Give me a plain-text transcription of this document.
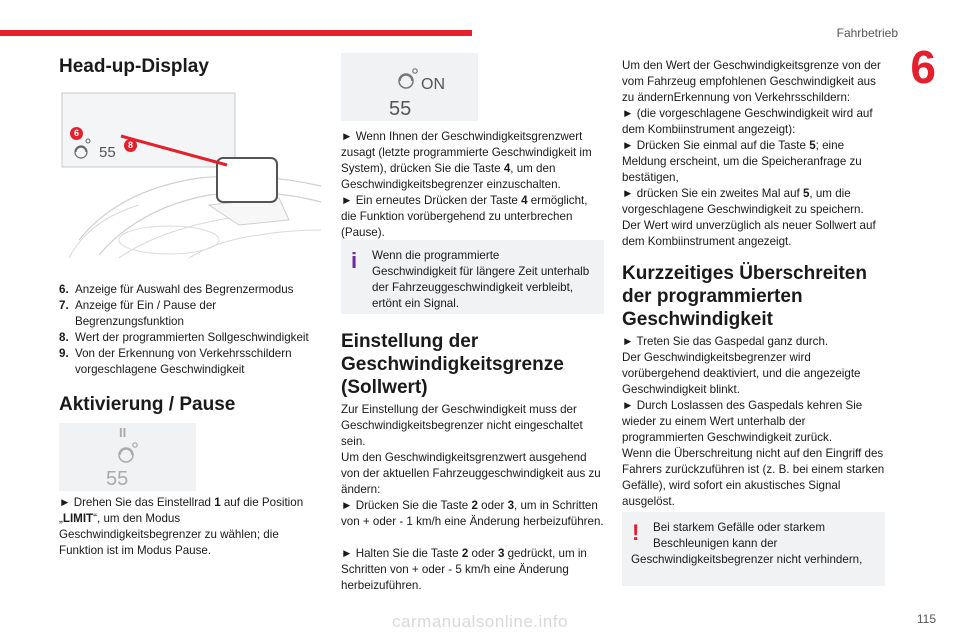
Fahrbetrieb
6
Head-up-Display
55
6
8
6. Anzeige für Auswahl des Begrenzermodus
7. Anzeige für Ein / Pause der Begrenzungsfunktion
8. Wert der programmierten Sollgeschwindigkeit
9. Von der Erkennung von Verkehrsschildern vorgeschlagene Geschwindigkeit
Aktivierung / Pause
II
55

► Drehen Sie das Einstellrad 1 auf die Position „LIMIT“, um den Modus Geschwindigkeitsbegrenzer zu wählen; die Funktion ist im Modus Pause.

ON
55

► Wenn Ihnen der Geschwindigkeitsgrenzwert zusagt (letzte programmierte Geschwindigkeit im System), drücken Sie die Taste 4, um den Geschwindigkeitsbegrenzer einzuschalten.

► Ein erneutes Drücken der Taste 4 ermöglicht, die Funktion vorübergehend zu unterbrechen (Pause).

i	Wenn die programmierte
Geschwindigkeit für längere Zeit unterhalb der Fahrzeuggeschwindigkeit verbleibt, ertönt ein Signal.
Einstellung der Geschwindigkeitsgrenze (Sollwert)

Zur Einstellung der Geschwindigkeit muss der Geschwindigkeitsbegrenzer nicht eingeschaltet sein.

Um den Geschwindigkeitsgrenzwert ausgehend von der aktuellen Fahrzeuggeschwindigkeit aus zu ändern:

► Drücken Sie die Taste 2 oder 3, um in Schritten von + oder - 1 km/h eine Änderung herbeizuführen.

► Halten Sie die Taste 2 oder 3 gedrückt, um in Schritten von + oder - 5 km/h eine Änderung herbeizuführen.

Um den Wert der Geschwindigkeitsgrenze von der vom Fahrzeug empfohlenen Geschwindigkeit aus zu ändernErkennung von Verkehrsschildern:

► (die vorgeschlagene Geschwindigkeit wird auf dem Kombiinstrument angezeigt):

► Drücken Sie einmal auf die Taste 5; eine Meldung erscheint, um die Speicheranfrage zu bestätigen,

► drücken Sie ein zweites Mal auf 5, um die vorgeschlagene Geschwindigkeit zu speichern.

Der Wert wird unverzüglich als neuer Sollwert auf dem Kombiinstrument angezeigt.

Kurzzeitiges Überschreiten der programmierten Geschwindigkeit

► Treten Sie das Gaspedal ganz durch.

Der Geschwindigkeitsbegrenzer wird vorübergehend deaktiviert, und die angezeigte Geschwindigkeit blinkt.

► Durch Loslassen des Gaspedals kehren Sie wieder zu einem Wert unterhalb der programmierten Geschwindigkeit zurück.

Wenn die Überschreitung nicht auf den Eingriff des Fahrers zurückzuführen ist (z. B. bei einem starken Gefälle), wird sofort ein akustisches Signal ausgelöst.

!	Bei starkem Gefälle oder starkem
Beschleunigen kann der
Geschwindigkeitsbegrenzer nicht verhindern,
carmanualsonline.info	115
